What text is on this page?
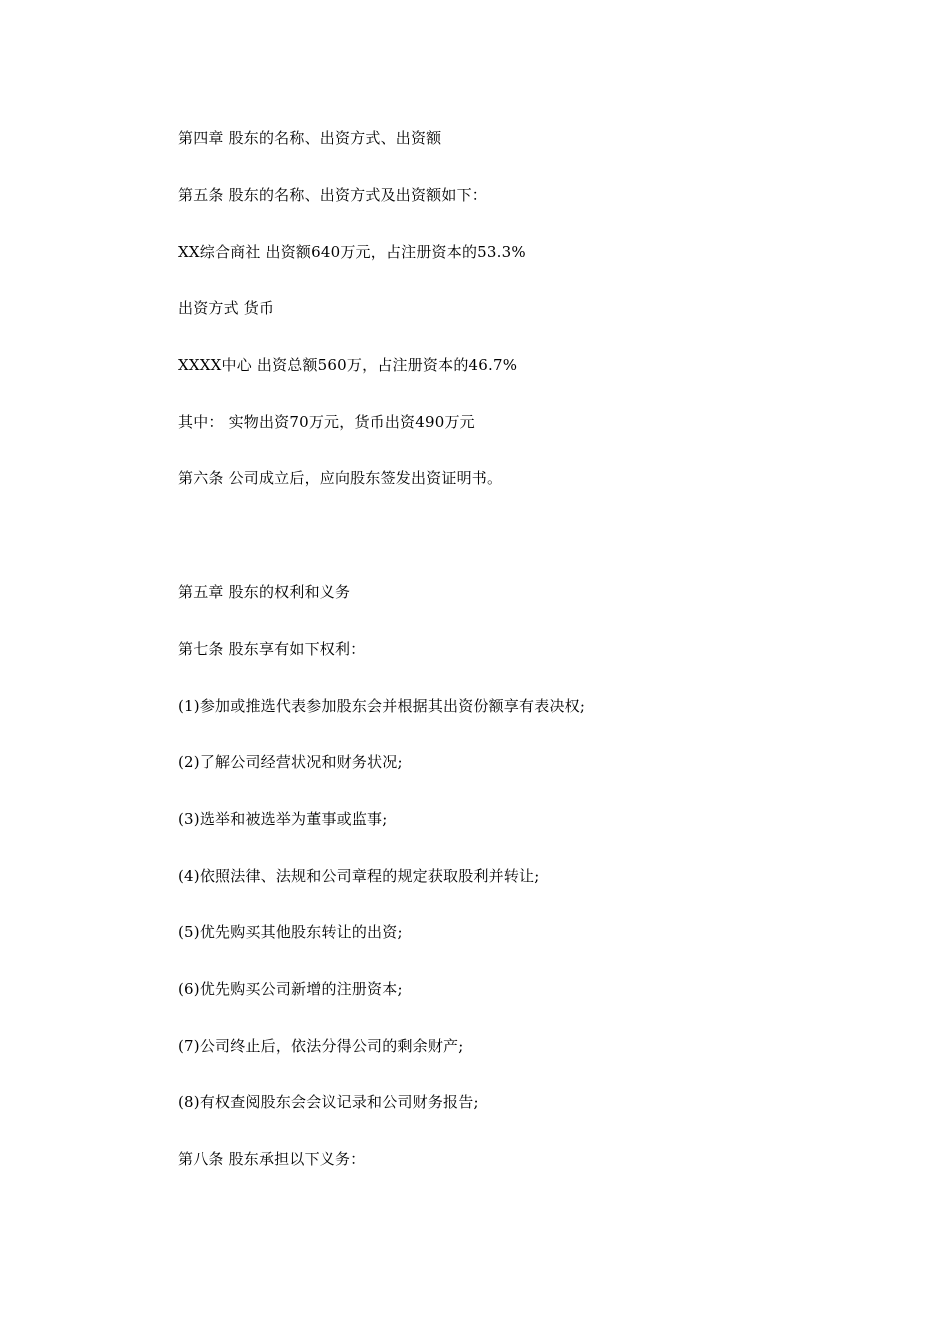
第四章 股东的名称、出资方式、出资额
第五条 股东的名称、出资方式及出资额如下：
XX综合商社 出资额640万元，占注册资本的53.3%
出资方式 货币
XXXX中心 出资总额560万，占注册资本的46.7%
其中： 实物出资70万元，货币出资490万元
第六条 公司成立后，应向股东签发出资证明书。
第五章 股东的权利和义务
第七条 股东享有如下权利：
(1)参加或推选代表参加股东会并根据其出资份额享有表决权;
(2)了解公司经营状况和财务状况;
(3)选举和被选举为董事或监事;
(4)依照法律、法规和公司章程的规定获取股利并转让;
(5)优先购买其他股东转让的出资;
(6)优先购买公司新增的注册资本;
(7)公司终止后，依法分得公司的剩余财产;
(8)有权查阅股东会会议记录和公司财务报告;
第八条 股东承担以下义务：
